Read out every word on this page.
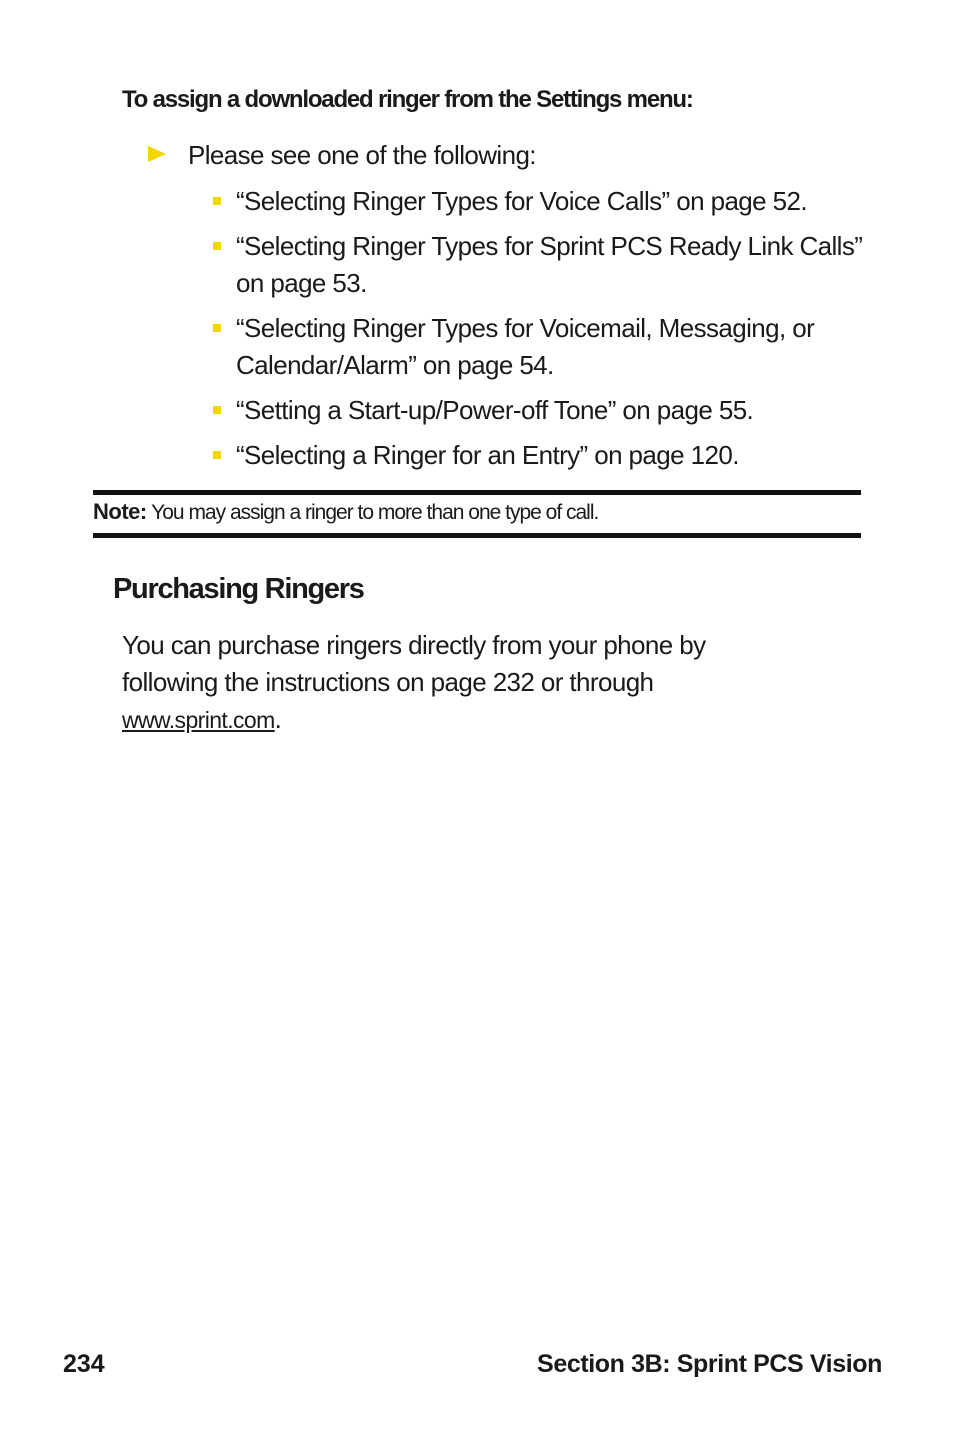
To assign a downloaded ringer from the Settings menu:
Please see one of the following:
“Selecting Ringer Types for Voice Calls” on page 52.
“Selecting Ringer Types for Sprint PCS Ready Link Calls” on page 53.
“Selecting Ringer Types for Voicemail, Messaging, or Calendar/Alarm” on page 54.
“Setting a Start-up/Power-off Tone” on page 55.
“Selecting a Ringer for an Entry” on page 120.
Note: You may assign a ringer to more than one type of call.
Purchasing Ringers
You can purchase ringers directly from your phone by following the instructions on page 232 or through www.sprint.com.
234	Section 3B: Sprint PCS Vision
